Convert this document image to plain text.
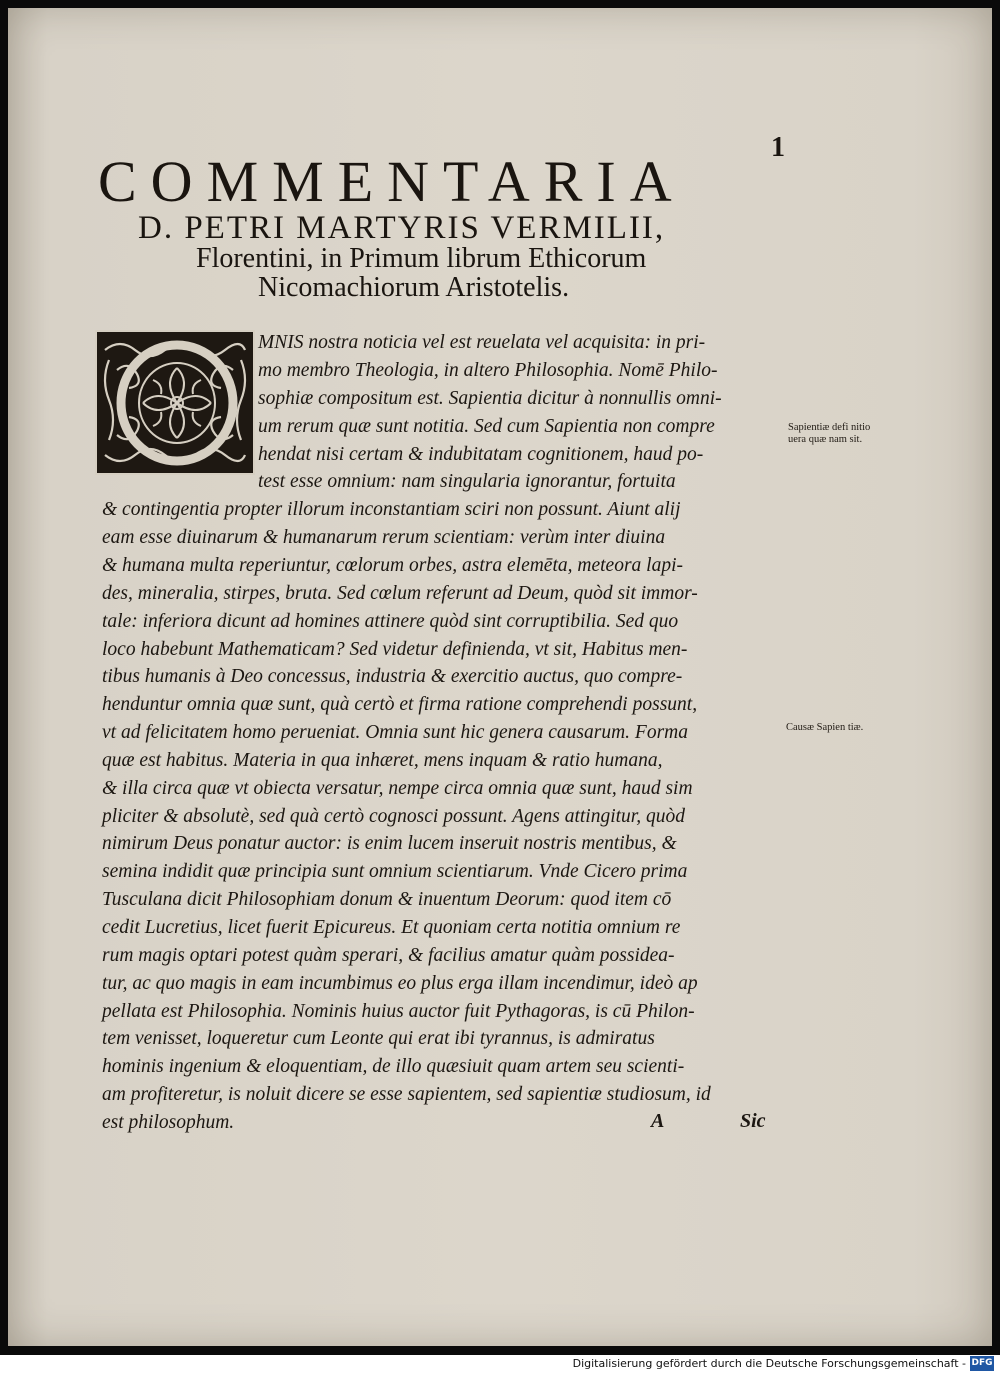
1
COMMENTARIA
D. PETRI MARTYRIS VERMILII,
Florentini, in Primum librum Ethicorum
Nicomachiorum Aristotelis.
MNIS nostra noticia vel est reuelata vel acquisita: in pri-
mo membro Theologia, in altero Philosophia. Nomē Philo-
sophiæ compositum est. Sapientia dicitur à nonnullis omni-
um rerum quæ sunt notitia. Sed cum Sapientia non compre
hendat nisi certam & indubitatam cognitionem, haud po-
test esse omnium: nam singularia ignorantur, fortuita
& contingentia propter illorum inconstantiam sciri non possunt. Aiunt alij
eam esse diuinarum & humanarum rerum scientiam: verùm inter diuina
& humana multa reperiuntur, cœlorum orbes, astra elemēta, meteora lapi-
des, mineralia, stirpes, bruta. Sed cœlum referunt ad Deum, quòd sit immor-
tale: inferiora dicunt ad homines attinere quòd sint corruptibilia. Sed quo
loco habebunt Mathematicam? Sed videtur definienda, vt sit, Habitus men-
tibus humanis à Deo concessus, industria & exercitio auctus, quo compre-
henduntur omnia quæ sunt, quà certò et firma ratione comprehendi possunt,
vt ad felicitatem homo perueniat. Omnia sunt hic genera causarum. Forma
quæ est habitus. Materia in qua inhæret, mens inquam & ratio humana,
& illa circa quæ vt obiecta versatur, nempe circa omnia quæ sunt, haud sim
pliciter & absolutè, sed quà certò cognosci possunt. Agens attingitur, quòd
nimirum Deus ponatur auctor: is enim lucem inseruit nostris mentibus, &
semina indidit quæ principia sunt omnium scientiarum. Vnde Cicero prima
Tusculana dicit Philosophiam donum & inuentum Deorum: quod item cō
cedit Lucretius, licet fuerit Epicureus. Et quoniam certa notitia omnium re
rum magis optari potest quàm sperari, & facilius amatur quàm possidea-
tur, ac quo magis in eam incumbimus eo plus erga illam incendimur, ideò ap
pellata est Philosophia. Nominis huius auctor fuit Pythagoras, is cū Philon-
tem venisset, loqueretur cum Leonte qui erat ibi tyrannus, is admiratus
hominis ingenium & eloquentiam, de illo quæsiuit quam artem seu scienti-
am profiteretur, is noluit dicere se esse sapientem, sed sapientiæ studiosum, id
est philosophum.
Sapientiæ defi nitio uera quæ nam sit.
Causæ Sapien tiæ.
A	Sic
Digitalisierung gefördert durch die Deutsche Forschungsgemeinschaft - DFG
